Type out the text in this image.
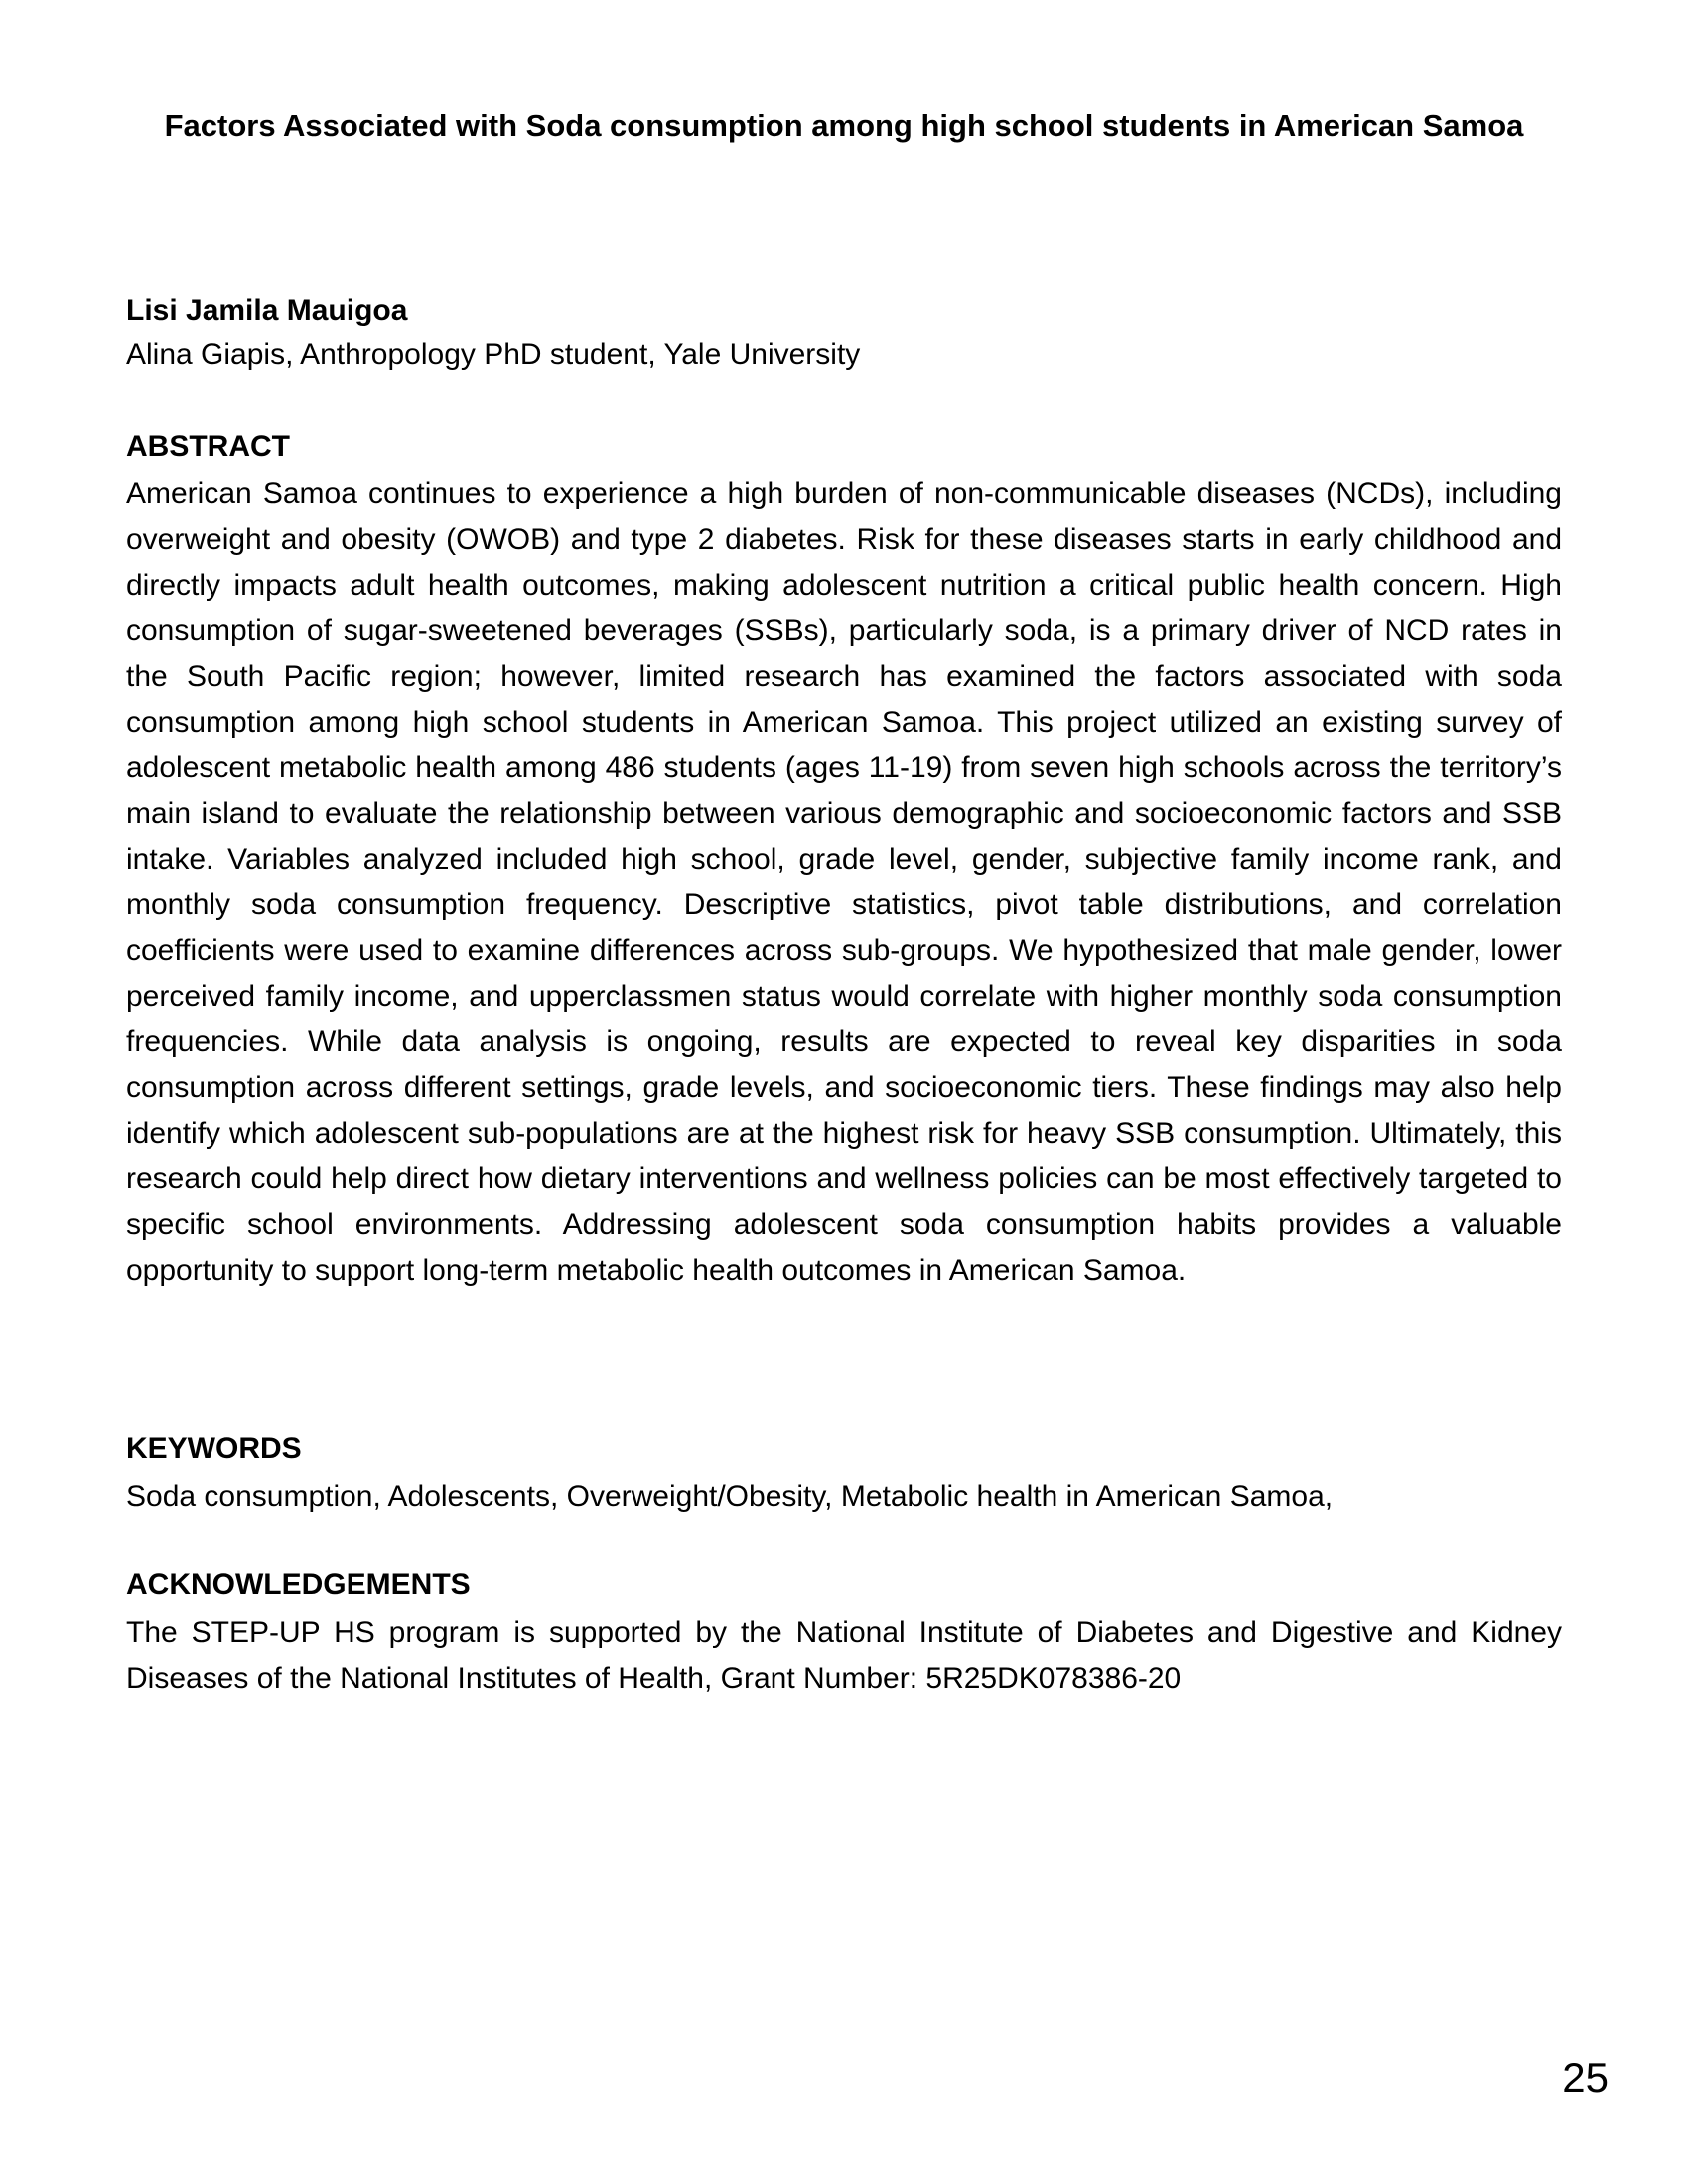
Factors Associated with Soda consumption among high school students in American Samoa

Lisi Jamila Mauigoa

Alina Giapis, Anthropology PhD student, Yale University

ABSTRACT

American Samoa continues to experience a high burden of non-communicable diseases (NCDs), including overweight and obesity (OWOB) and type 2 diabetes. Risk for these diseases starts in early childhood and directly impacts adult health outcomes, making adolescent nutrition a critical public health concern. High consumption of sugar-sweetened beverages (SSBs), particularly soda, is a primary driver of NCD rates in the South Pacific region; however, limited research has examined the factors associated with soda consumption among high school students in American Samoa. This project utilized an existing survey of adolescent metabolic health among 486 students (ages 11-19) from seven high schools across the territory’s main island to evaluate the relationship between various demographic and socioeconomic factors and SSB intake. Variables analyzed included high school, grade level, gender, subjective family income rank, and monthly soda consumption frequency. Descriptive statistics, pivot table distributions, and correlation coefficients were used to examine differences across sub-groups. We hypothesized that male gender, lower perceived family income, and upperclassmen status would correlate with higher monthly soda consumption frequencies. While data analysis is ongoing, results are expected to reveal key disparities in soda consumption across different settings, grade levels, and socioeconomic tiers. These findings may also help identify which adolescent sub-populations are at the highest risk for heavy SSB consumption. Ultimately, this research could help direct how dietary interventions and wellness policies can be most effectively targeted to specific school environments. Addressing adolescent soda consumption habits provides a valuable opportunity to support long-term metabolic health outcomes in American Samoa.

KEYWORDS

Soda consumption, Adolescents, Overweight/Obesity, Metabolic health in American Samoa,

ACKNOWLEDGEMENTS

The STEP-UP HS program is supported by the National Institute of Diabetes and Digestive and Kidney Diseases of the National Institutes of Health, Grant Number: 5R25DK078386-20

25
